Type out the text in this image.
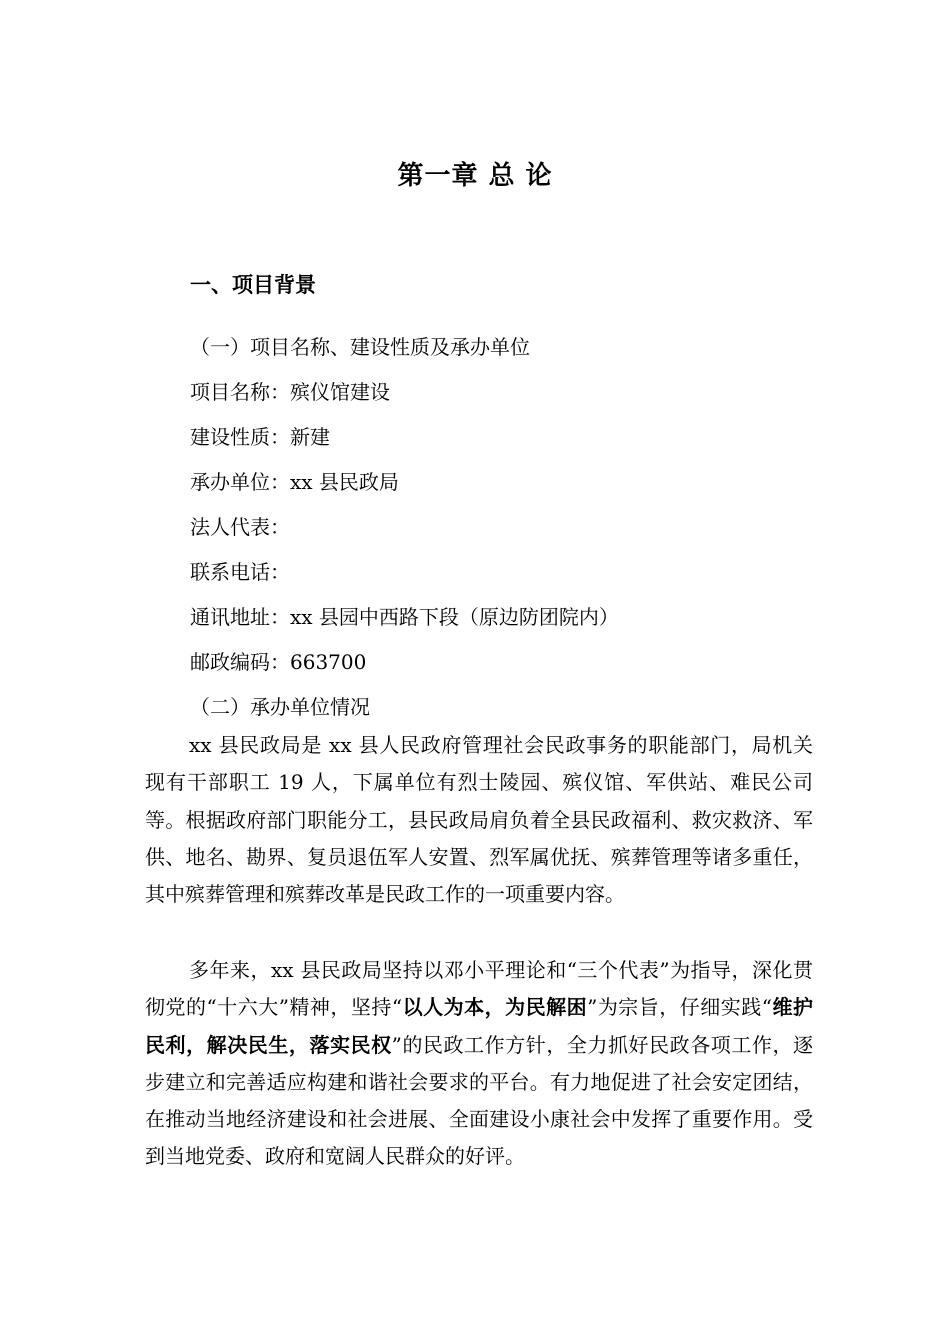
第一章 总 论
一、项目背景
（一）项目名称、建设性质及承办单位
项目名称：殡仪馆建设
建设性质：新建
承办单位：xx 县民政局
法人代表：
联系电话：
通讯地址：xx 县园中西路下段（原边防团院内）
邮政编码：663700
（二）承办单位情况
xx 县民政局是 xx 县人民政府管理社会民政事务的职能部门，局机关现有干部职工 19 人，下属单位有烈士陵园、殡仪馆、军供站、难民公司等。根据政府部门职能分工，县民政局肩负着全县民政福利、救灾救济、军供、地名、勘界、复员退伍军人安置、烈军属优抚、殡葬管理等诸多重任，其中殡葬管理和殡葬改革是民政工作的一项重要内容。
多年来，xx 县民政局坚持以邓小平理论和“三个代表”为指导，深化贯彻党的“十六大”精神，坚持“以人为本，为民解困”为宗旨，仔细实践“维护民利，解决民生，落实民权”的民政工作方针，全力抓好民政各项工作，逐步建立和完善适应构建和谐社会要求的平台。有力地促进了社会安定团结，在推动当地经济建设和社会进展、全面建设小康社会中发挥了重要作用。受到当地党委、政府和宽阔人民群众的好评。
